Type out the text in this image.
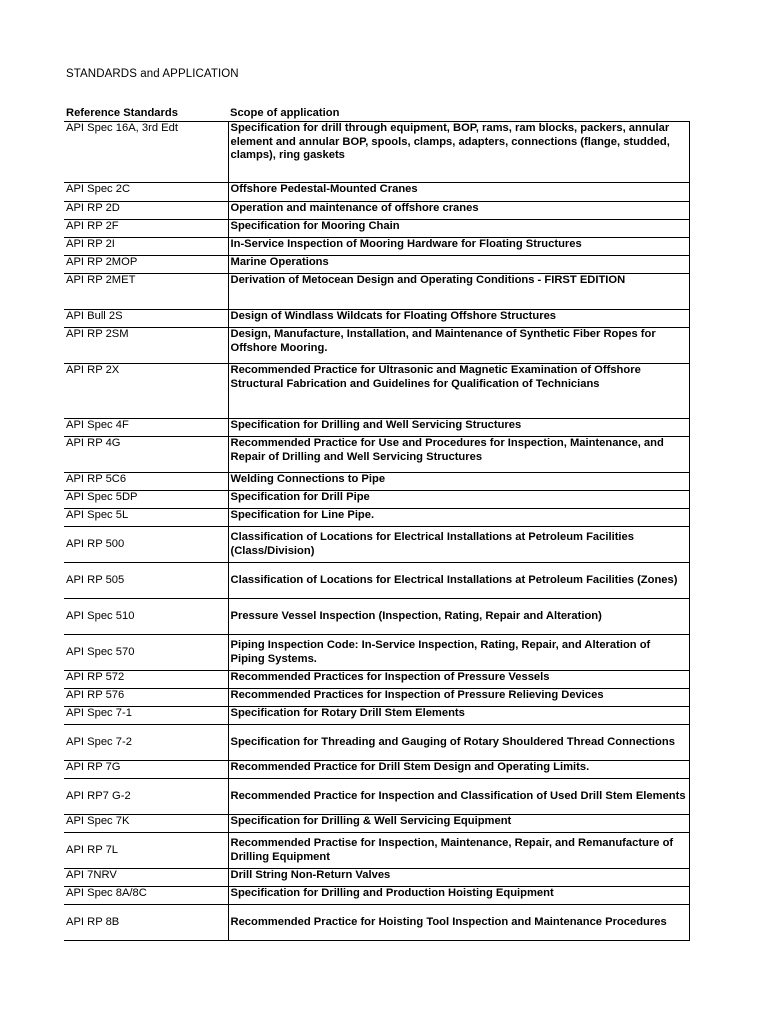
STANDARDS and APPLICATION
Reference Standards	Scope of application
API Spec 16A, 3rd Edt	Specification for drill through equipment, BOP, rams, ram blocks, packers, annular element and annular BOP, spools, clamps, adapters, connections (flange, studded, clamps), ring gaskets
API Spec 2C	Offshore Pedestal-Mounted Cranes
API RP 2D	Operation and maintenance of offshore cranes
API RP 2F	Specification for Mooring Chain
API RP 2I	In-Service Inspection of Mooring Hardware for Floating Structures
API RP 2MOP	Marine Operations
API RP 2MET	Derivation of Metocean Design and Operating Conditions - FIRST EDITION
API Bull 2S	Design of Windlass Wildcats for Floating Offshore Structures
API RP 2SM	Design, Manufacture, Installation, and Maintenance of Synthetic Fiber Ropes for Offshore Mooring.
API RP 2X	Recommended Practice for Ultrasonic and Magnetic Examination of Offshore Structural Fabrication and Guidelines for Qualification of Technicians
API Spec 4F	Specification for Drilling and Well Servicing Structures
API RP 4G	Recommended Practice for Use and Procedures for Inspection, Maintenance, and Repair of Drilling and Well Servicing Structures
API RP 5C6	Welding Connections to Pipe
API Spec 5DP	Specification for Drill Pipe
API Spec 5L	Specification for Line Pipe.
API RP 500	Classification of Locations for Electrical Installations at Petroleum Facilities (Class/Division)
API RP 505	Classification of Locations for Electrical Installations at Petroleum Facilities (Zones)
API Spec 510	Pressure Vessel Inspection (Inspection, Rating, Repair and Alteration)
API Spec 570	Piping Inspection Code: In-Service Inspection, Rating, Repair, and Alteration of Piping Systems.
API RP 572	Recommended Practices for Inspection of Pressure Vessels
API RP 576	Recommended Practices for Inspection of Pressure Relieving Devices
API Spec 7-1	Specification for Rotary Drill Stem Elements
API Spec 7-2	Specification for Threading and Gauging of Rotary Shouldered Thread Connections
API RP 7G	Recommended Practice for Drill Stem Design and Operating Limits.
API RP7 G-2	Recommended Practice for Inspection and Classification of Used Drill Stem Elements
API Spec 7K	Specification for Drilling & Well Servicing Equipment
API RP 7L	Recommended Practise for Inspection, Maintenance, Repair, and Remanufacture of Drilling Equipment
API 7NRV	Drill String Non-Return Valves
API Spec 8A/8C	Specification for Drilling and Production Hoisting Equipment
API RP 8B	Recommended Practice for Hoisting Tool Inspection and Maintenance Procedures
